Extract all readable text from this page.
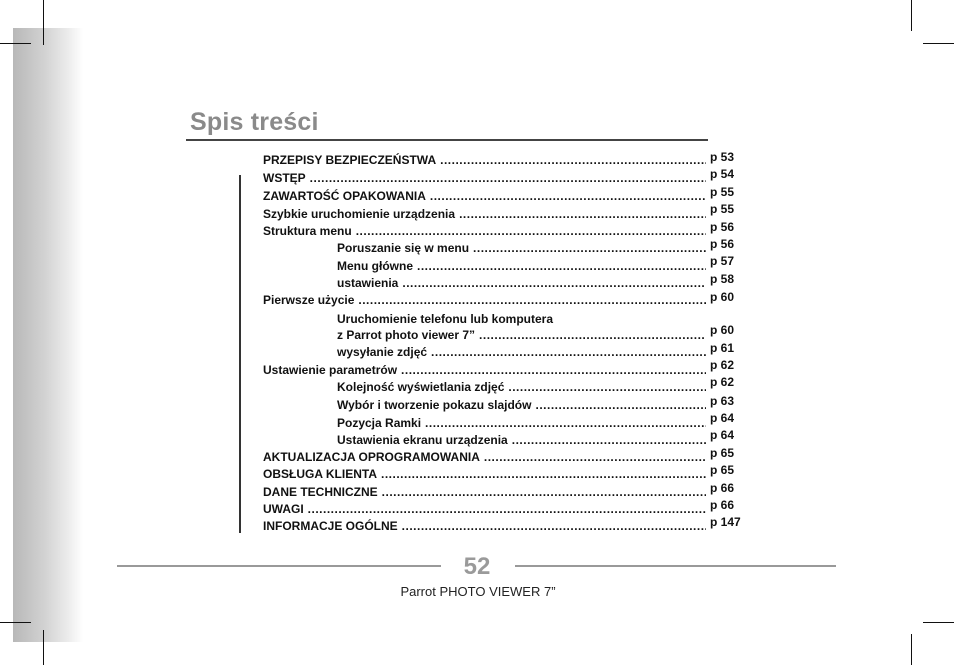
Spis treści
PRZEPISY BEZPIECZEŃSTWA .....	p 53
WSTĘP .....	p 54
ZAWARTOŚĆ OPAKOWANIA .....	p 55
Szybkie uruchomienie urządzenia .....	p 55
Struktura menu .....	p 56
Poruszanie się w menu .....	p 56
Menu główne .....	p 57
ustawienia .....	p 58
Pierwsze użycie .....	p 60
Uruchomienie telefonu lub komputera
z Parrot photo viewer 7” .....	p 60
wysyłanie zdjęć .....	p 61
Ustawienie parametrów .....	p 62
Kolejność wyświetlania zdjęć .....	p 62
Wybór i tworzenie pokazu slajdów .....	p 63
Pozycja Ramki .....	p 64
Ustawienia ekranu urządzenia .....	p 64
AKTUALIZACJA OPROGRAMOWANIA .....	p 65
OBSŁUGA KLIENTA .....	p 65
DANE TECHNICZNE .....	p 66
UWAGI .....	p 66
INFORMACJE OGÓLNE .....	p 147
52
Parrot PHOTO VIEWER 7”
